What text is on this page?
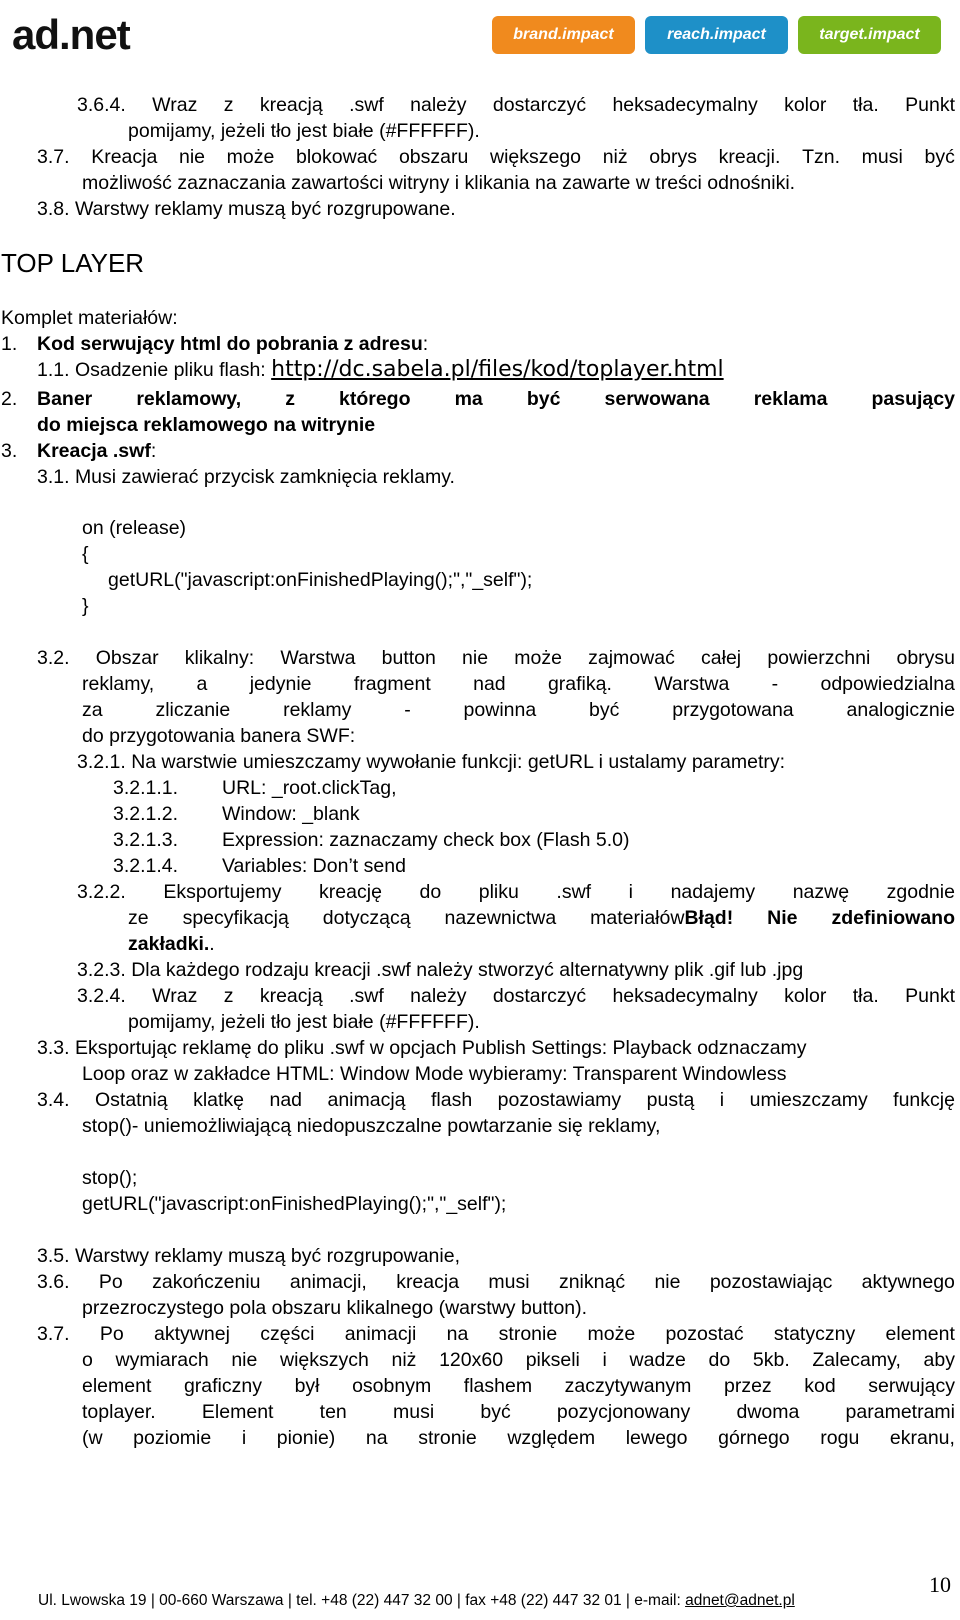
ad.net	brand.impact	reach.impact	target.impact
3.6.4. Wraz z kreacją .swf należy dostarczyć heksadecymalny kolor tła. Punkt
pomijamy, jeżeli tło jest białe (#FFFFFF).
3.7. Kreacja nie może blokować obszaru większego niż obrys kreacji. Tzn. musi być
możliwość zaznaczania zawartości witryny i klikania na zawarte w treści odnośniki.
3.8. Warstwy reklamy muszą być rozgrupowane.
TOP LAYER
Komplet materiałów:
1. Kod serwujący html do pobrania z adresu:
1.1. Osadzenie pliku flash: http://dc.sabela.pl/files/kod/toplayer.html
2. Baner reklamowy, z którego ma być serwowana reklama pasujący
do miejsca reklamowego na witrynie
3. Kreacja .swf:
3.1. Musi zawierać przycisk zamknięcia reklamy.
on (release)
{
getURL("javascript:onFinishedPlaying();","_self");
}
3.2. Obszar klikalny: Warstwa button nie może zajmować całej powierzchni obrysu
reklamy, a jedynie fragment nad grafiką. Warstwa - odpowiedzialna
za	zliczanie	reklamy	-	powinna	być	przygotowana	analogicznie
do przygotowania banera SWF:
3.2.1. Na warstwie umieszczamy wywołanie funkcji: getURL i ustalamy parametry:
3.2.1.1. URL: _root.clickTag,
3.2.1.2. Window: _blank
3.2.1.3. Expression: zaznaczamy check box (Flash 5.0)
3.2.1.4. Variables: Don’t send
3.2.2. Eksportujemy kreację do pliku .swf i nadajemy nazwę zgodnie
ze specyfikacją dotyczącą nazewnictwa materiałówBłąd! Nie zdefiniowano
zakładki..
3.2.3. Dla każdego rodzaju kreacji .swf należy stworzyć alternatywny plik .gif lub .jpg
3.2.4. Wraz z kreacją .swf należy dostarczyć heksadecymalny kolor tła. Punkt
pomijamy, jeżeli tło jest białe (#FFFFFF).
3.3. Eksportując reklamę do pliku .swf w opcjach Publish Settings: Playback odznaczamy
Loop oraz w zakładce HTML: Window Mode wybieramy: Transparent Windowless
3.4. Ostatnią klatkę nad animacją flash pozostawiamy pustą i umieszczamy funkcję
stop()- uniemożliwiającą niedopuszczalne powtarzanie się reklamy,
stop();
getURL("javascript:onFinishedPlaying();","_self");
3.5. Warstwy reklamy muszą być rozgrupowanie,
3.6. Po zakończeniu animacji, kreacja musi zniknąć nie pozostawiając aktywnego
przezroczystego pola obszaru klikalnego (warstwy button).
3.7. Po aktywnej części animacji na stronie może pozostać statyczny element
o wymiarach nie większych niż 120x60 pikseli i wadze do 5kb. Zalecamy, aby
element graficzny był osobnym flashem zaczytywanym przez kod serwujący
toplayer. Element ten musi być pozycjonowany dwoma parametrami
(w poziomie i pionie) na stronie względem lewego górnego rogu ekranu,
Ul. Lwowska 19 | 00-660 Warszawa | tel. +48 (22) 447 32 00 | fax +48 (22) 447 32 01 | e-mail: adnet@adnet.pl
10
